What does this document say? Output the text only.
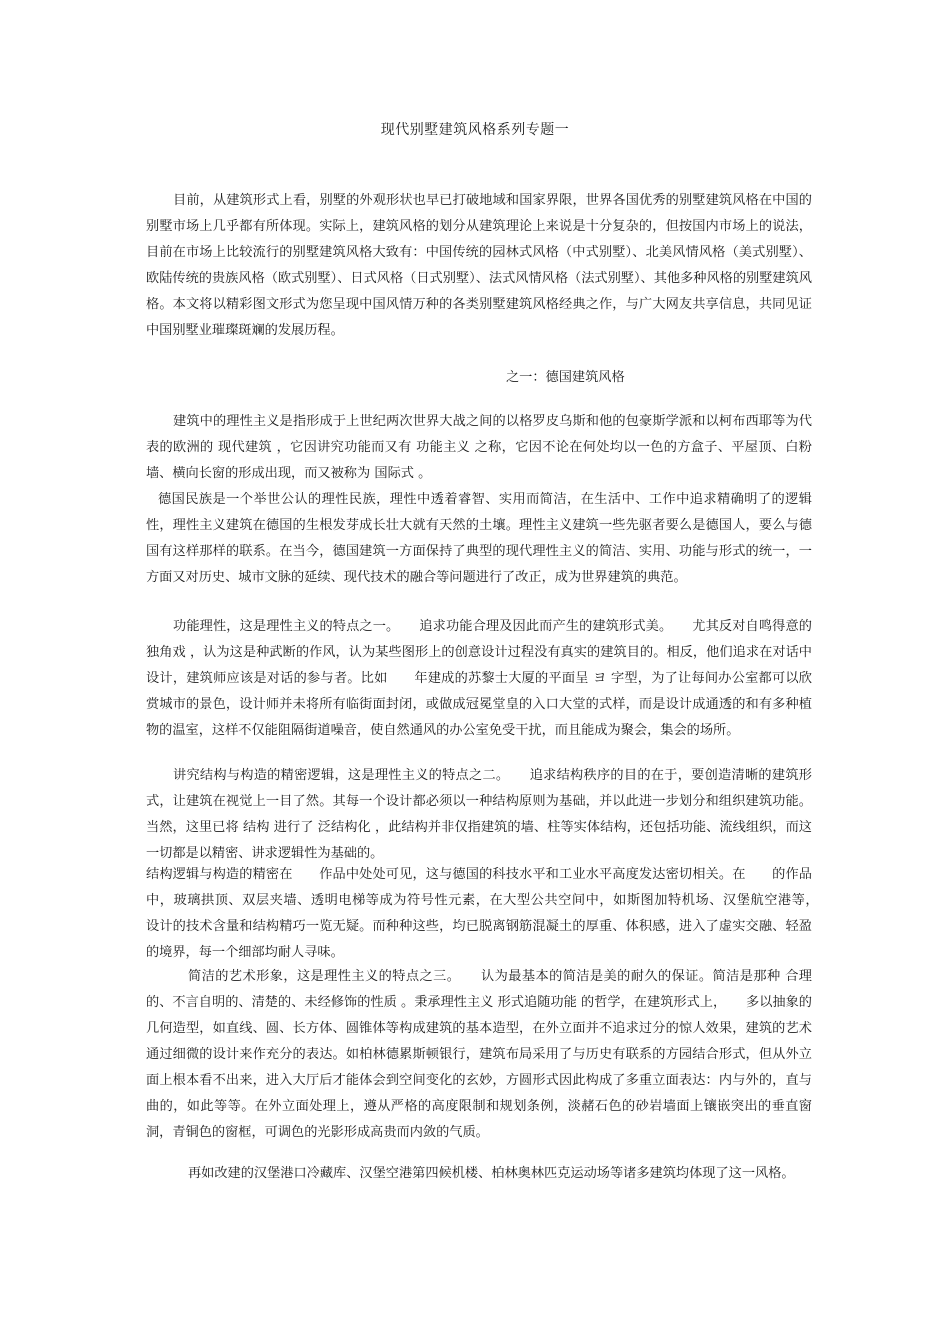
现代别墅建筑风格系列专题一

目前，从建筑形式上看，别墅的外观形状也早已打破地域和国家界限，世界各国优秀的别墅建筑风格在中国的别墅市场上几乎都有所体现。实际上，建筑风格的划分从建筑理论上来说是十分复杂的，但按国内市场上的说法，目前在市场上比较流行的别墅建筑风格大致有：中国传统的园林式风格（中式别墅）、北美风情风格（美式别墅）、欧陆传统的贵族风格（欧式别墅）、日式风格（日式别墅）、法式风情风格（法式别墅）、其他多种风格的别墅建筑风格。本文将以精彩图文形式为您呈现中国风情万种的各类别墅建筑风格经典之作，与广大网友共享信息，共同见证中国别墅业璀璨斑斓的发展历程。

之一：德国建筑风格

建筑中的理性主义是指形成于上世纪两次世界大战之间的以格罗皮乌斯和他的包豪斯学派和以柯布西耶等为代表的欧洲的 现代建筑 ，它因讲究功能而又有 功能主义 之称，它因不论在何处均以一色的方盒子、平屋顶、白粉墙、横向长窗的形成出现，而又被称为 国际式 。

德国民族是一个举世公认的理性民族，理性中透着睿智、实用而简洁，在生活中、工作中追求精确明了的逻辑性，理性主义建筑在德国的生根发芽成长壮大就有天然的土壤。理性主义建筑一些先驱者要么是德国人，要么与德国有这样那样的联系。在当今，德国建筑一方面保持了典型的现代理性主义的简洁、实用、功能与形式的统一，一方面又对历史、城市文脉的延续、现代技术的融合等问题进行了改正，成为世界建筑的典范。

功能理性，这是理性主义的特点之一。　　追求功能合理及因此而产生的建筑形式美。　　尤其反对自鸣得意的独角戏 ，认为这是种武断的作风，认为某些图形上的创意设计过程没有真实的建筑目的。相反，他们追求在对话中设计，建筑师应该是对话的参与者。比如　　年建成的苏黎士大厦的平面呈 ヨ 字型，为了让每间办公室都可以欣赏城市的景色，设计师并未将所有临街面封闭，或做成冠冕堂皇的入口大堂的式样，而是设计成通透的和有多种植物的温室，这样不仅能阻隔街道噪音，使自然通风的办公室免受干扰，而且能成为聚会，集会的场所。

讲究结构与构造的精密逻辑，这是理性主义的特点之二。　　追求结构秩序的目的在于，要创造清晰的建筑形式，让建筑在视觉上一目了然。其每一个设计都必须以一种结构原则为基础，并以此进一步划分和组织建筑功能。当然，这里已将 结构 进行了 泛结构化 ，此结构并非仅指建筑的墙、柱等实体结构，还包括功能、流线组织，而这一切都是以精密、讲求逻辑性为基础的。

结构逻辑与构造的精密在　　作品中处处可见，这与德国的科技水平和工业水平高度发达密切相关。在　　的作品中，玻璃拱顶、双层夹墙、透明电梯等成为符号性元素，在大型公共空间中，如斯图加特机场、汉堡航空港等，　　设计的技术含量和结构精巧一览无疑。而种种这些，均已脱离钢筋混凝土的厚重、体积感，进入了虚实交融、轻盈的境界，每一个细部均耐人寻味。

简洁的艺术形象，这是理性主义的特点之三。　　认为最基本的简洁是美的耐久的保证。简洁是那种 合理的、不言自明的、清楚的、未经修饰的性质 。秉承理性主义 形式追随功能 的哲学，在建筑形式上，　　多以抽象的几何造型，如直线、圆、长方体、圆锥体等构成建筑的基本造型，在外立面并不追求过分的惊人效果，建筑的艺术通过细微的设计来作充分的表达。如柏林德累斯顿银行，建筑布局采用了与历史有联系的方园结合形式，但从外立面上根本看不出来，进入大厅后才能体会到空间变化的玄妙，方圆形式因此构成了多重立面表达：内与外的，直与曲的，如此等等。在外立面处理上，遵从严格的高度限制和规划条例，淡赭石色的砂岩墙面上镶嵌突出的垂直窗洞，青铜色的窗框，可调色的光影形成高贵而内敛的气质。

再如改建的汉堡港口冷藏库、汉堡空港第四候机楼、柏林奥林匹克运动场等诸多建筑均体现了这一风格。
